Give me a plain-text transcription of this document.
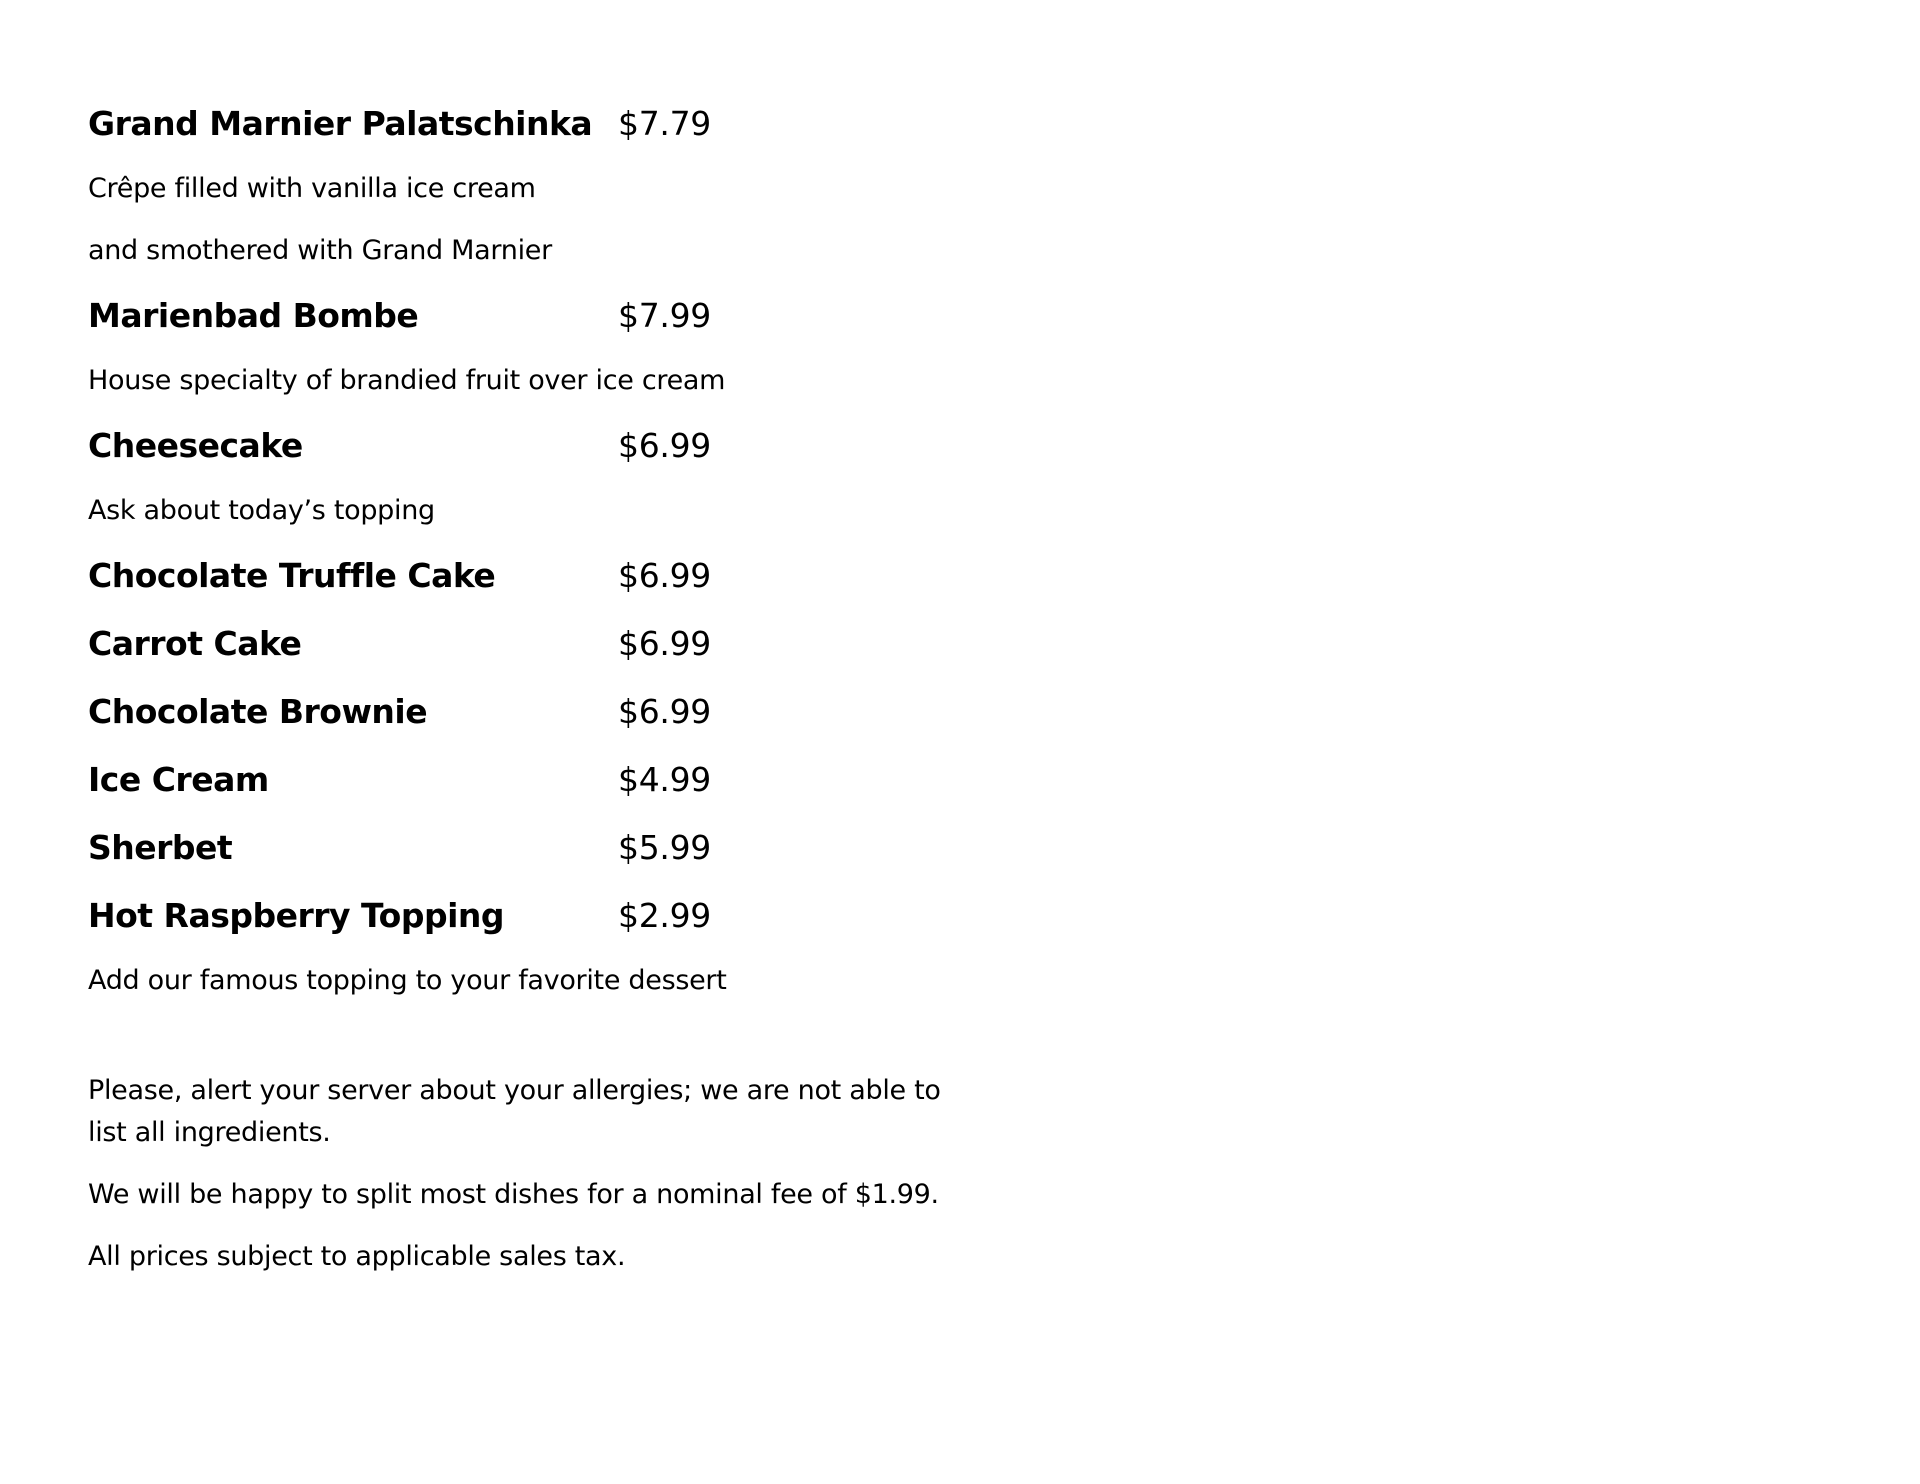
Grand Marnier Palatschinka $7.79
Crêpe filled with vanilla ice cream
and smothered with Grand Marnier
Marienbad Bombe	$7.99
House specialty of brandied fruit over ice cream
Cheesecake	$6.99
Ask about today’s topping
Chocolate Truffle Cake	$6.99
Carrot Cake	$6.99
Chocolate Brownie	$6.99
Ice Cream	$4.99
Sherbet	$5.99
Hot Raspberry Topping	$2.99
Add our famous topping to your favorite dessert

Please, alert your server about your allergies; we are not able to list all ingredients.

We will be happy to split most dishes for a nominal fee of $1.99.

All prices subject to applicable sales tax.
